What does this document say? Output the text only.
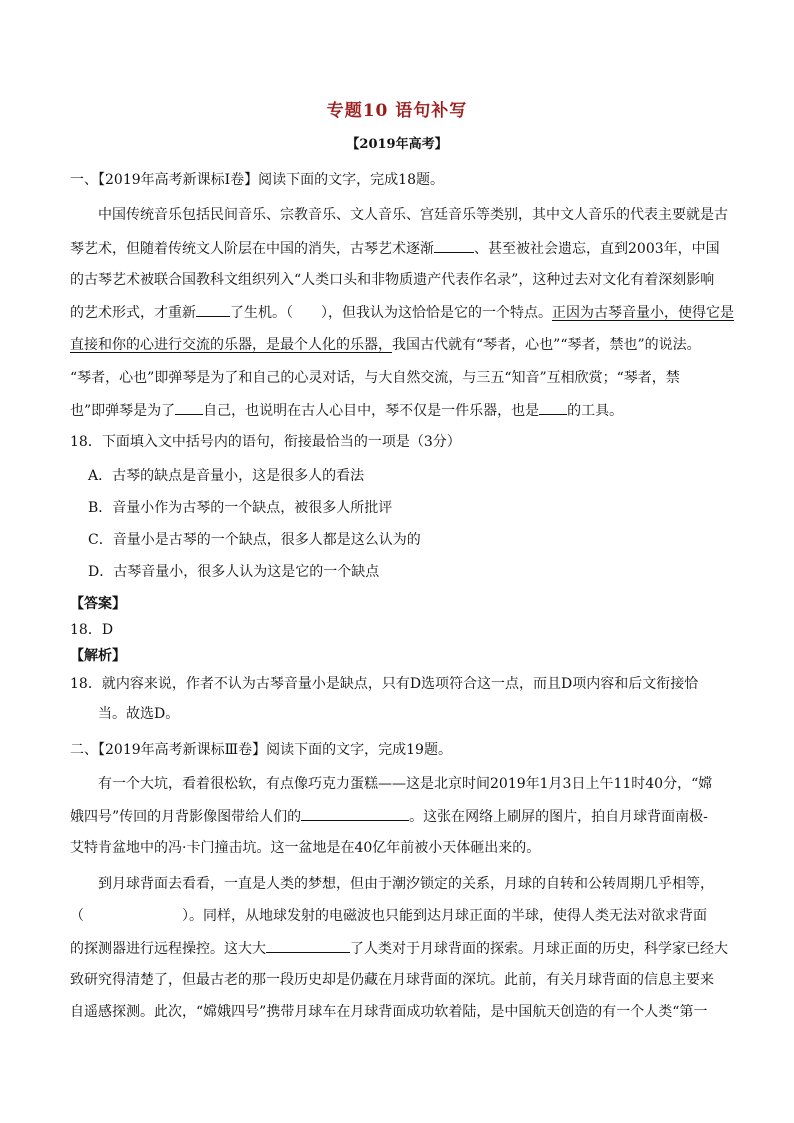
专题10 语句补写
【2019年高考】
一、【2019年高考新课标Ⅰ卷】阅读下面的文字，完成18题。
中国传统音乐包括民间音乐、宗教音乐、文人音乐、宫廷音乐等类别，其中文人音乐的代表主要就是古
琴艺术，但随着传统文人阶层在中国的消失，古琴艺术逐渐	、甚至被社会遗忘，直到2003年，中国
的古琴艺术被联合国教科文组织列入“人类口头和非物质遗产代表作名录”，这种过去对文化有着深刻影响
的艺术形式，才重新 了生机。（　　），但我认为这恰恰是它的一个特点。正因为古琴音量小，使得它是
直接和你的心进行交流的乐器，是最个人化的乐器，我国古代就有“琴者，心也”“琴者，禁也”的说法。
“琴者，心也”即弹琴是为了和自己的心灵对话，与大自然交流，与三五“知音”互相欣赏；“琴者，禁
也”即弹琴是为了 自己，也说明在古人心目中，琴不仅是一件乐器，也是 的工具。
18．下面填入文中括号内的语句，衔接最恰当的一项是（3分）
A．古琴的缺点是音量小，这是很多人的看法
B．音量小作为古琴的一个缺点，被很多人所批评
C．音量小是古琴的一个缺点，很多人都是这么认为的
D．古琴音量小，很多人认为这是它的一个缺点
【答案】
18．D
【解析】
18．就内容来说，作者不认为古琴音量小是缺点，只有D选项符合这一点，而且D项内容和后文衔接恰
当。故选D。
二、【2019年高考新课标Ⅲ卷】阅读下面的文字，完成19题。
有一个大坑，看着很松软，有点像巧克力蛋糕——这是北京时间2019年1月3日上午11时40分，“嫦
娥四号”传回的月背影像图带给人们的	。这张在网络上刷屏的图片，拍自月球背面南极-
艾特肯盆地中的冯·卡门撞击坑。这一盆地是在40亿年前被小天体砸出来的。
到月球背面去看看，一直是人类的梦想，但由于潮汐锁定的关系，月球的自转和公转周期几乎相等，
（　　　　　　　）。同样，从地球发射的电磁波也只能到达月球正面的半球，使得人类无法对欲求背面
的探测器进行远程操控。这大大	了人类对于月球背面的探索。月球正面的历史，科学家已经大
致研究得清楚了，但最古老的那一段历史却是仍藏在月球背面的深坑。此前，有关月球背面的信息主要来
自遥感探测。此次，“嫦娥四号”携带月球车在月球背面成功软着陆，是中国航天创造的有一个人类“第一
